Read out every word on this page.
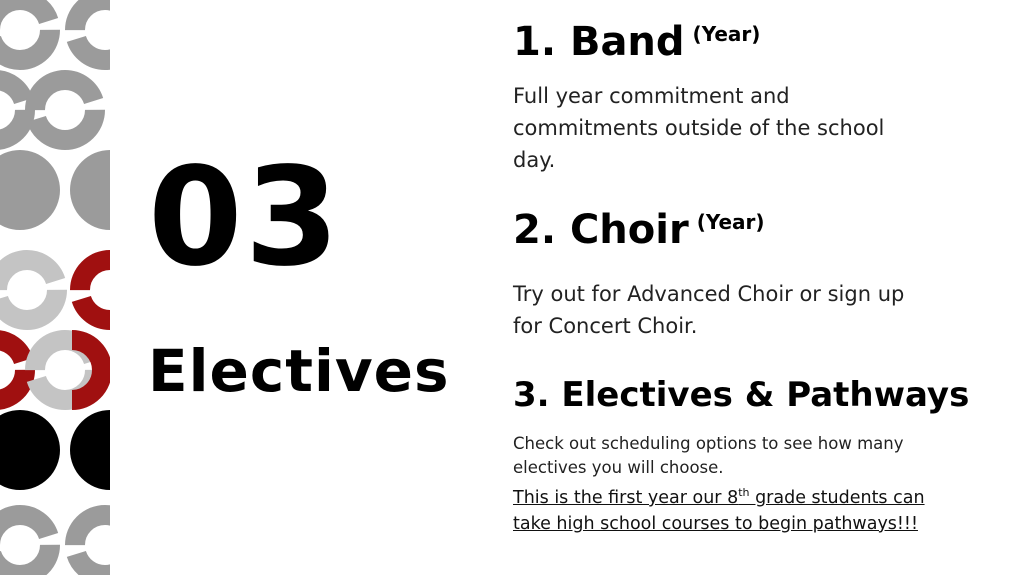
03
Electives
1. Band $^{(Year)}$

Full year commitment and commitments outside of the school day.

2. Choir $^{(Year)}$

Try out for Advanced Choir or sign up for Concert Choir.

3. Electives & Pathways

Check out scheduling options to see how many electives you will choose.

This is the first year our 8th grade students can take high school courses to begin pathways!!!
